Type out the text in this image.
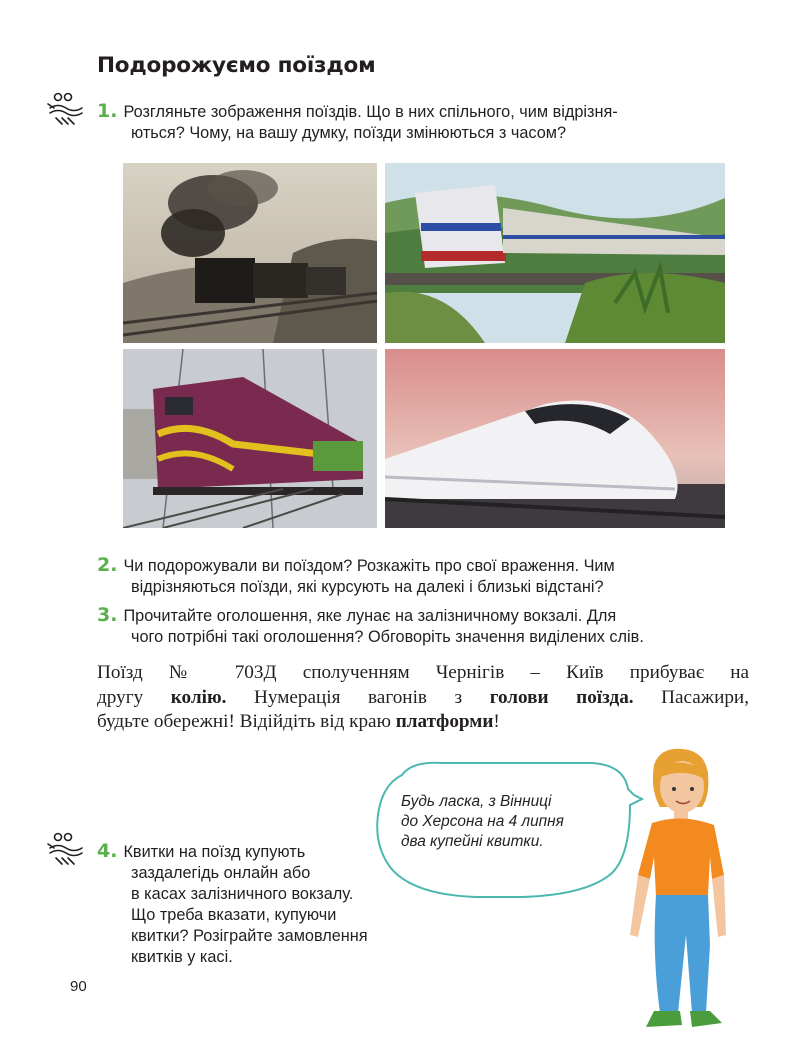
Подорожуємо поїздом
1. Розгляньте зображення поїздів. Що в них спільного, чим відрізня-
ються? Чому, на вашу думку, поїзди змінюються з часом?
2. Чи подорожували ви поїздом? Розкажіть про свої враження. Чим
відрізняються поїзди, які курсують на далекі і близькі відстані?
3. Прочитайте оголошення, яке лунає на залізничному вокзалі. Для
чого потрібні такі оголошення? Обговоріть значення виділених слів.
Поїзд № 703Д сполученням Чернігів – Київ прибуває на
другу колію. Нумерація вагонів з голови поїзда. Пасажири,
будьте обережні! Відійдіть від краю платформи!
Будь ласка, з Вінниці
до Херсона на 4 липня
два купейні квитки.
4. Квитки на поїзд купують
заздалегідь онлайн або
в касах залізничного вокзалу.
Що треба вказати, купуючи
квитки? Розіграйте замовлення
квитків у касі.
90
